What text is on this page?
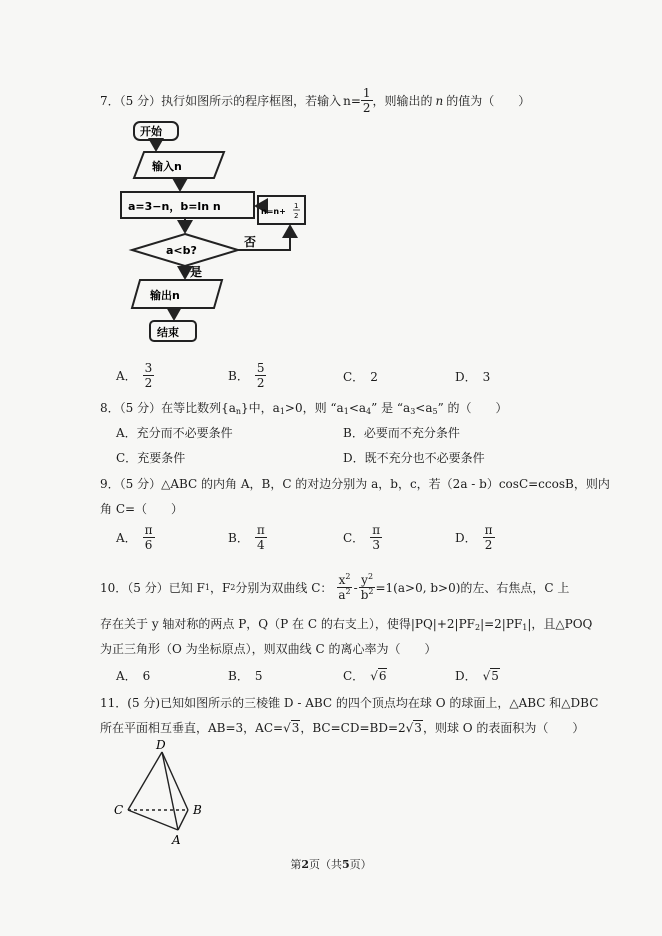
7．（5 分）执行如图所示的程序框图，若输入 $n= \frac{1}{2}$ ，则输出的 n 的值为（　　）
开始
输入n
a=3−n，b=ln n	n=n+
1
2
a<b?
否
是
输出n
结束
A． $\frac{3}{2}$	B． $\frac{5}{2}$	C． 2	D． 3
8．（5 分）在等比数列$\{a_n\}$中，$a_1>0$，则 “$a_1<a_4$” 是 “$a_3<a_5$” 的（　　）
A．充分而不必要条件	B．必要而不充分条件
C．充要条件	D．既不充分也不必要条件
9．（5 分）△ABC 的内角 A，B，C 的对边分别为 a，b，c，若（2a - b）cosC=ccosB，则内
角 C=（　　）
A． $\frac{\pi}{6}$	B． $\frac{\pi}{4}$	C． $\frac{\pi}{3}$	D． $\frac{\pi}{2}$
10．（5 分）已知 F 1 ，F 2 分别为双曲线 C： $\frac{x^2}{a^2} - \frac{y^2}{b^2} =1(a>0$, b>0)的左、右焦点，C 上
存在关于 y 轴对称的两点 P，Q（P 在 C 的右支上），使得$|PQ|+2|PF_2|=2|PF_1|$，且△POQ
为正三角形（O 为坐标原点），则双曲线 C 的离心率为（　　）
A． 6	B． 5	C． √6	D． √5
11．(5 分)已知如图所示的三棱锥 D - ABC 的四个顶点均在球 O 的球面上，△ABC 和△DBC
所在平面相互垂直，AB=3，AC=√3，BC=CD=BD=2√3，则球 O 的表面积为（　　）
D
C	B
A
第2页（共5页）
